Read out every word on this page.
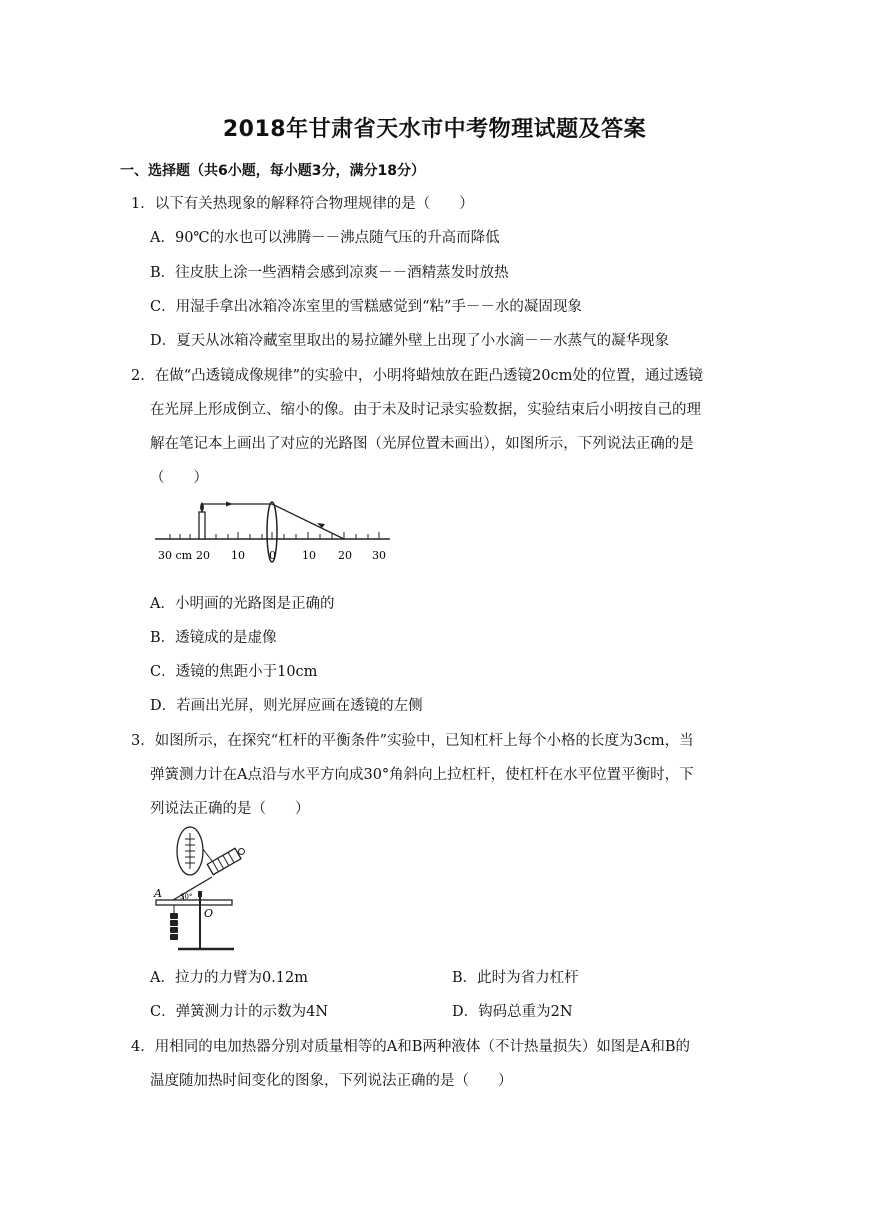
2018年甘肃省天水市中考物理试题及答案
一、选择题（共6小题，每小题3分，满分18分）
1．以下有关热现象的解释符合物理规律的是（　　）
A．90℃的水也可以沸腾－－沸点随气压的升高而降低
B．往皮肤上涂一些酒精会感到凉爽－－酒精蒸发时放热
C．用湿手拿出冰箱冷冻室里的雪糕感觉到“粘”手－－水的凝固现象
D．夏天从冰箱冷藏室里取出的易拉罐外壁上出现了小水滴－－水蒸气的凝华现象
2．在做“凸透镜成像规律”的实验中，小明将蜡烛放在距凸透镜20cm处的位置，通过透镜
在光屏上形成倒立、缩小的像。由于未及时记录实验数据，实验结束后小明按自己的理
解在笔记本上画出了对应的光路图（光屏位置未画出），如图所示，下列说法正确的是
（　　）
30 cm 20 10 0 10 20 30
A．小明画的光路图是正确的
B．透镜成的是虚像
C．透镜的焦距小于10cm
D．若画出光屏，则光屏应画在透镜的左侧
3．如图所示，在探究“杠杆的平衡条件”实验中，已知杠杆上每个小格的长度为3cm，当
弹簧测力计在A点沿与水平方向成30°角斜向上拉杠杆，使杠杆在水平位置平衡时，下
列说法正确的是（　　）
A	30°
O
A．拉力的力臂为0.12m	B．此时为省力杠杆
C．弹簧测力计的示数为4N	D．钩码总重为2N
4．用相同的电加热器分别对质量相等的A和B两种液体（不计热量损失）如图是A和B的
温度随加热时间变化的图象，下列说法正确的是（　　）
